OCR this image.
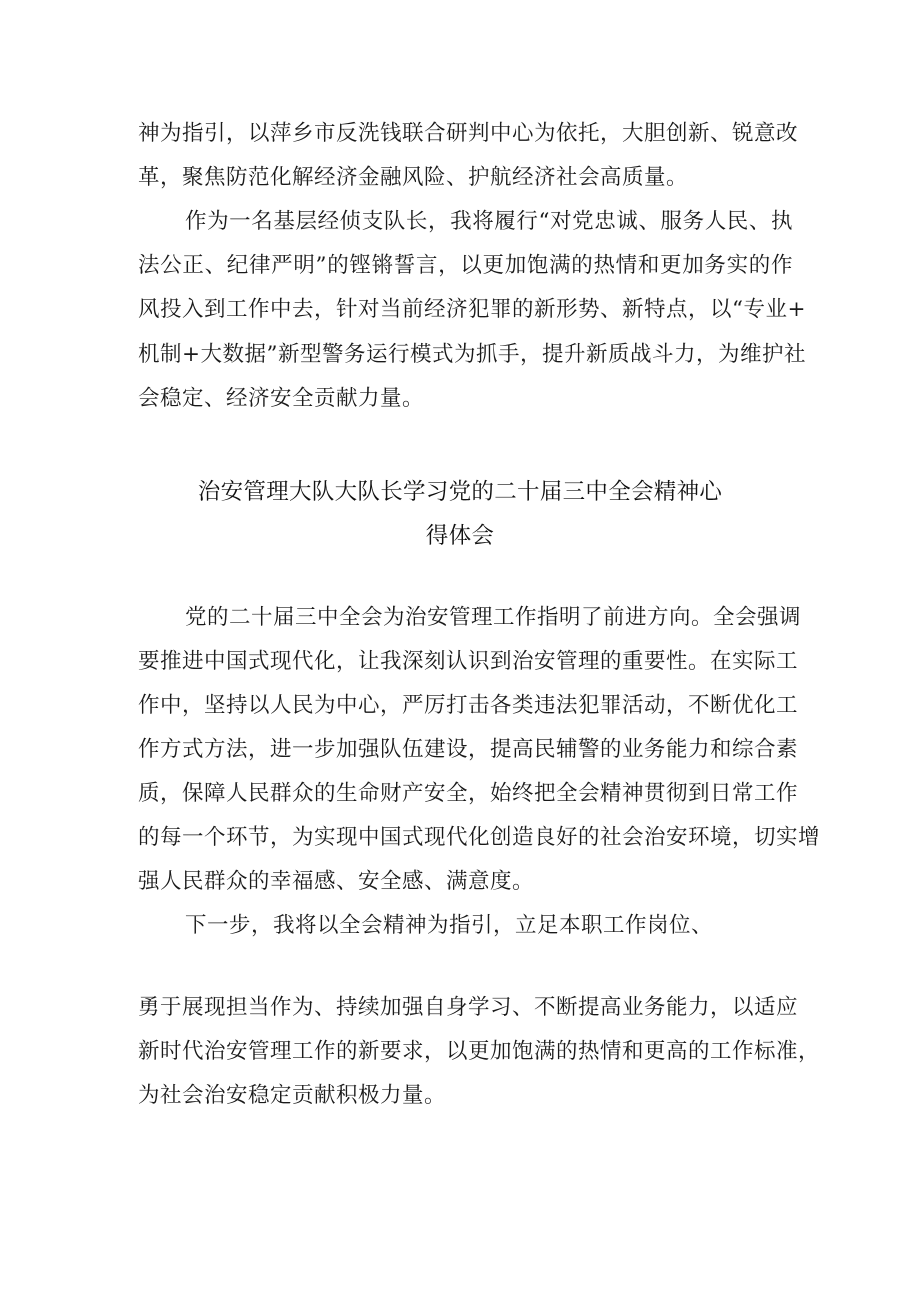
神为指引，以萍乡市反洗钱联合研判中心为依托，大胆创新、锐意改
革，聚焦防范化解经济金融风险、护航经济社会高质量。
作为一名基层经侦支队长，我将履行“对党忠诚、服务人民、执
法公正、纪律严明”的铿锵誓言，以更加饱满的热情和更加务实的作
风投入到工作中去，针对当前经济犯罪的新形势、新特点，以“专业+
机制+大数据”新型警务运行模式为抓手，提升新质战斗力，为维护社
会稳定、经济安全贡献力量。
治安管理大队大队长学习党的二十届三中全会精神心
得体会
党的二十届三中全会为治安管理工作指明了前进方向。全会强调
要推进中国式现代化，让我深刻认识到治安管理的重要性。在实际工
作中，坚持以人民为中心，严厉打击各类违法犯罪活动，不断优化工
作方式方法，进一步加强队伍建设，提高民辅警的业务能力和综合素
质，保障人民群众的生命财产安全，始终把全会精神贯彻到日常工作
的每一个环节，为实现中国式现代化创造良好的社会治安环境，切实增
强人民群众的幸福感、安全感、满意度。
下一步，我将以全会精神为指引，立足本职工作岗位、
勇于展现担当作为、持续加强自身学习、不断提高业务能力，以适应
新时代治安管理工作的新要求，以更加饱满的热情和更高的工作标准，
为社会治安稳定贡献积极力量。
